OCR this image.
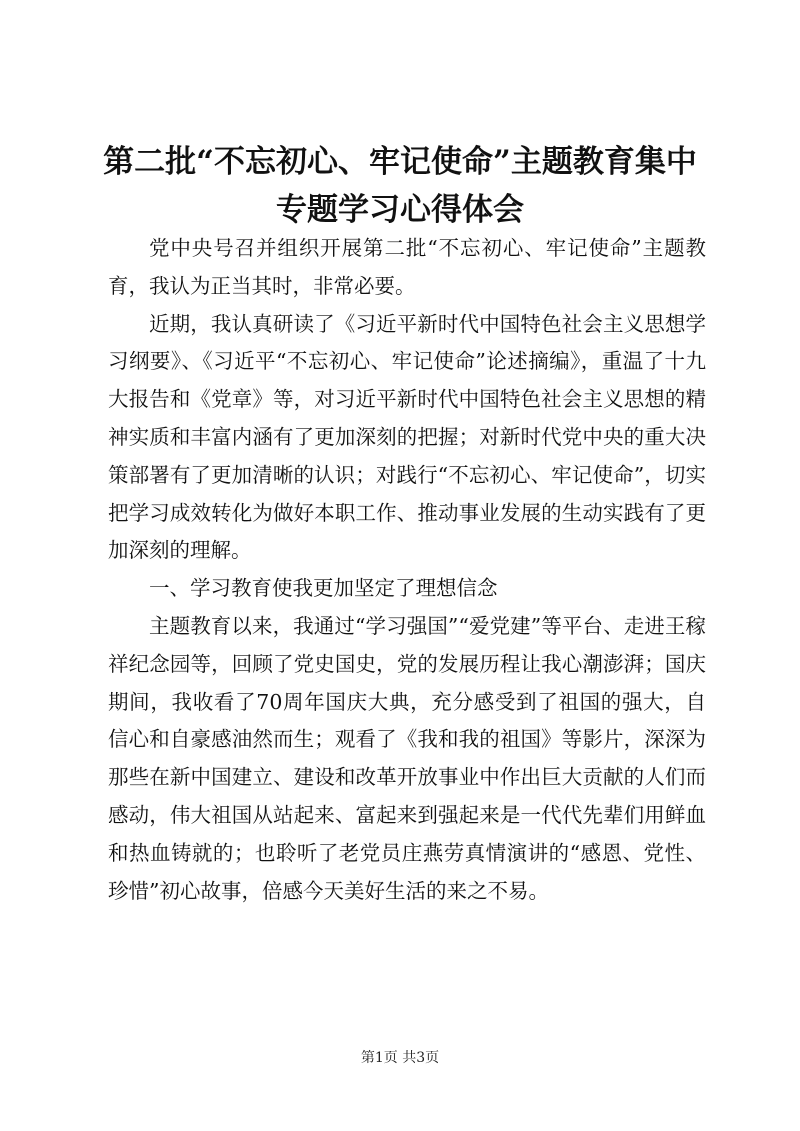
第二批“不忘初心、牢记使命”主题教育集中
专题学习心得体会

党中央号召并组织开展第二批“不忘初心、牢记使命”主题教育，我认为正当其时，非常必要。

近期，我认真研读了《习近平新时代中国特色社会主义思想学习纲要》、《习近平“不忘初心、牢记使命”论述摘编》，重温了十九大报告和《党章》等，对习近平新时代中国特色社会主义思想的精神实质和丰富内涵有了更加深刻的把握；对新时代党中央的重大决策部署有了更加清晰的认识；对践行“不忘初心、牢记使命”，切实把学习成效转化为做好本职工作、推动事业发展的生动实践有了更加深刻的理解。

一、学习教育使我更加坚定了理想信念

主题教育以来，我通过“学习强国”“爱党建”等平台、走进王稼祥纪念园等，回顾了党史国史，党的发展历程让我心潮澎湃；国庆期间，我收看了70周年国庆大典，充分感受到了祖国的强大，自信心和自豪感油然而生；观看了《我和我的祖国》等影片，深深为那些在新中国建立、建设和改革开放事业中作出巨大贡献的人们而感动，伟大祖国从站起来、富起来到强起来是一代代先辈们用鲜血和热血铸就的；也聆听了老党员庄燕劳真情演讲的“感恩、党性、珍惜”初心故事，倍感今天美好生活的来之不易。

第1页 共3页
